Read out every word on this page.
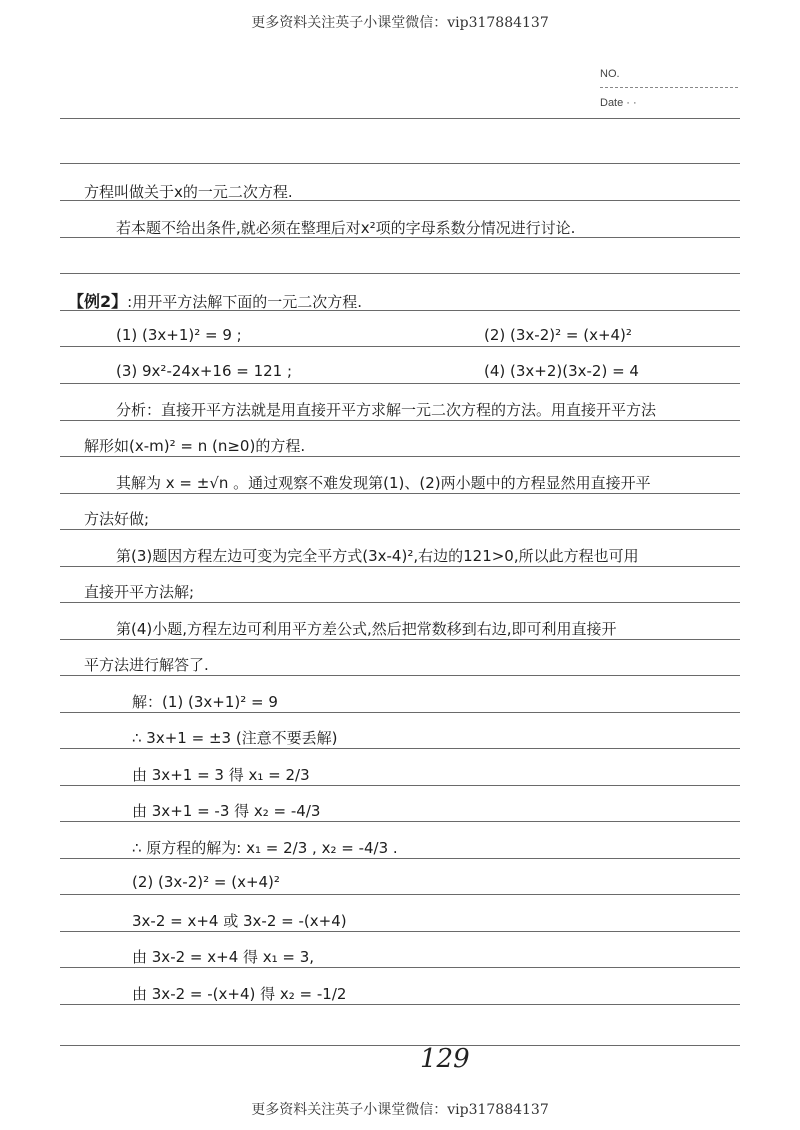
更多资料关注英子小课堂微信：vip317884137
NO.
Date · ·
方程叫做关于x的一元二次方程.
若本题不给出条件,就必须在整理后对x²项的字母系数分情况进行讨论.
【例2】:用开平方法解下面的一元二次方程.
(1) (3x+1)² = 9 ;	(2) (3x-2)² = (x+4)²
(3) 9x²-24x+16 = 121 ;	(4) (3x+2)(3x-2) = 4
分析：直接开平方法就是用直接开平方求解一元二次方程的方法。用直接开平方法
解形如(x-m)² = n (n≥0)的方程.
其解为 x = ±√n 。通过观察不难发现第(1)、(2)两小题中的方程显然用直接开平
方法好做;
第(3)题因方程左边可变为完全平方式(3x-4)²,右边的121>0,所以此方程也可用
直接开平方法解;
第(4)小题,方程左边可利用平方差公式,然后把常数移到右边,即可利用直接开
平方法进行解答了.
解：(1) (3x+1)² = 9
∴ 3x+1 = ±3 (注意不要丢解)
由 3x+1 = 3 得 x₁ = 2/3
由 3x+1 = -3 得 x₂ = -4/3
∴ 原方程的解为: x₁ = 2/3 , x₂ = -4/3 .
(2) (3x-2)² = (x+4)²
3x-2 = x+4 或 3x-2 = -(x+4)
由 3x-2 = x+4 得 x₁ = 3,
由 3x-2 = -(x+4) 得 x₂ = -1/2
129
更多资料关注英子小课堂微信：vip317884137
